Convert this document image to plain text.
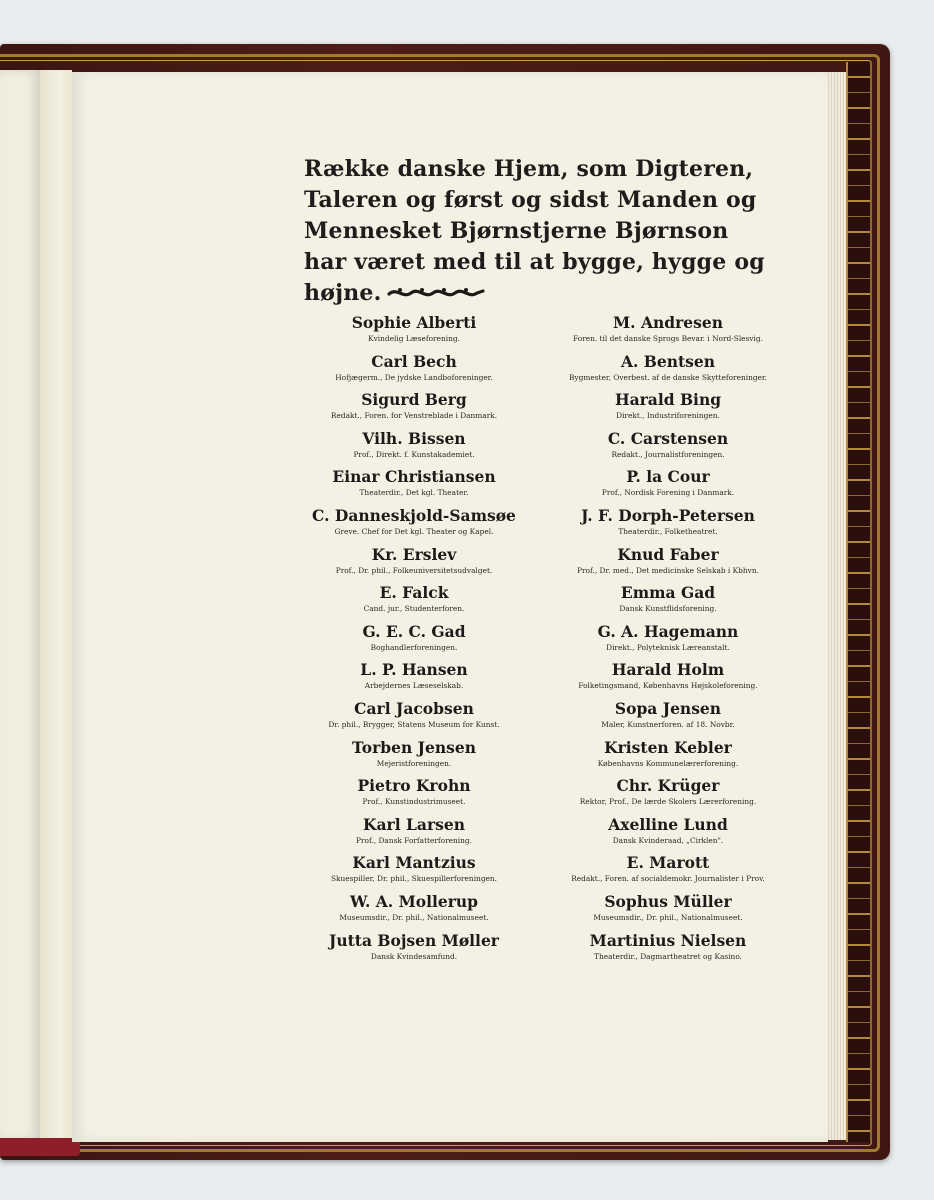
Række danske Hjem, som Digteren, Taleren og først og sidst Manden og Mennesket Bjørnstjerne Bjørnson har været med til at bygge, hygge og højne.

Sophie Alberti
Kvindelig Læseforening.
Carl Bech
Hofjægerm., De jydske Landboforeninger.
Sigurd Berg
Redakt., Foren. for Venstreblade i Danmark.
Vilh. Bissen
Prof., Direkt. f. Kunstakademiet.
Einar Christiansen
Theaterdir., Det kgl. Theater.
C. Danneskjold-Samsøe
Greve. Chef for Det kgl. Theater og Kapel.
Kr. Erslev
Prof., Dr. phil., Folkeuniversitetsudvalget.
E. Falck
Cand. jur., Studenterforen.
G. E. C. Gad
Boghandlerforeningen.
L. P. Hansen
Arbejdernes Læseselskab.
Carl Jacobsen
Dr. phil., Brygger, Statens Museum for Kunst.
Torben Jensen
Mejeristforeningen.
Pietro Krohn
Prof., Kunstindustrimuseet.
Karl Larsen
Prof., Dansk Forfatterforening.
Karl Mantzius
Skuespiller, Dr. phil., Skuespillerforeningen.
W. A. Mollerup
Museumsdir., Dr. phil., Nationalmuseet.
Jutta Bojsen Møller
Dansk Kvindesamfund.
M. Andresen
Foren. til det danske Sprogs Bevar. i Nord-Slesvig.
A. Bentsen
Bygmester, Overbest. af de danske Skytteforeninger.
Harald Bing
Direkt., Industriforeningen.
C. Carstensen
Redakt., Journalistforeningen.
P. la Cour
Prof., Nordisk Forening i Danmark.
J. F. Dorph-Petersen
Theaterdir., Folketheatret.
Knud Faber
Prof., Dr. med., Det medicinske Selskab i Kbhvn.
Emma Gad
Dansk Kunstflidsforening.
G. A. Hagemann
Direkt., Polyteknisk Læreanstalt.
Harald Holm
Folketingsmand, Københavns Højskoleforening.
Sopa Jensen
Maler, Kunstnerforen. af 18. Novbr.
Kristen Kebler
Københavns Kommunelærerforening.
Chr. Krüger
Rektor, Prof., De lærde Skolers Lærerforening.
Axelline Lund
Dansk Kvinderaad, „Cirklen".
E. Marott
Redakt., Foren. af socialdemokr. Journalister i Prov.
Sophus Müller
Museumsdir., Dr. phil., Nationalmuseet.
Martinius Nielsen
Theaterdir., Dagmartheatret og Kasino.
